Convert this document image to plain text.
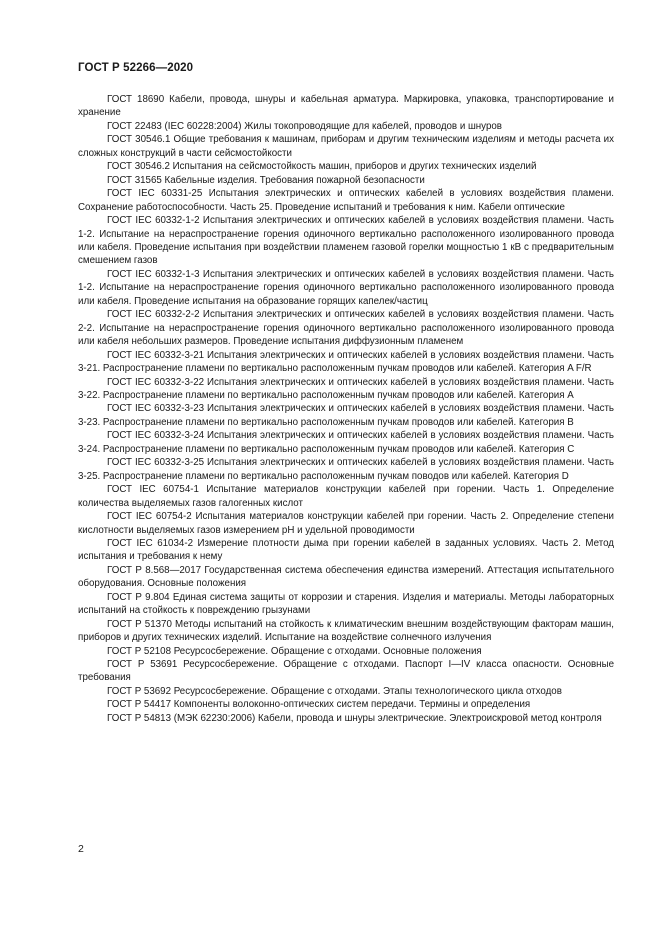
ГОСТ Р 52266—2020

ГОСТ 18690 Кабели, провода, шнуры и кабельная арматура. Маркировка, упаковка, транспортирование и хранение

ГОСТ 22483 (IEC 60228:2004) Жилы токопроводящие для кабелей, проводов и шнуров

ГОСТ 30546.1 Общие требования к машинам, приборам и другим техническим изделиям и методы расчета их сложных конструкций в части сейсмостойкости

ГОСТ 30546.2 Испытания на сейсмостойкость машин, приборов и других технических изделий

ГОСТ 31565 Кабельные изделия. Требования пожарной безопасности

ГОСТ IEC 60331-25 Испытания электрических и оптических кабелей в условиях воздействия пламени. Сохранение работоспособности. Часть 25. Проведение испытаний и требования к ним. Кабели оптические

ГОСТ IEC 60332-1-2 Испытания электрических и оптических кабелей в условиях воздействия пламени. Часть 1-2. Испытание на нераспространение горения одиночного вертикально расположенного изолированного провода или кабеля. Проведение испытания при воздействии пламенем газовой горелки мощностью 1 кВ с предварительным смешением газов

ГОСТ IEC 60332-1-3 Испытания электрических и оптических кабелей в условиях воздействия пламени. Часть 1-2. Испытание на нераспространение горения одиночного вертикально расположенного изолированного провода или кабеля. Проведение испытания на образование горящих капелек/частиц

ГОСТ IEC 60332-2-2 Испытания электрических и оптических кабелей в условиях воздействия пламени. Часть 2-2. Испытание на нераспространение горения одиночного вертикально расположенного изолированного провода или кабеля небольших размеров. Проведение испытания диффузионным пламенем

ГОСТ IEC 60332-3-21 Испытания электрических и оптических кабелей в условиях воздействия пламени. Часть 3-21. Распространение пламени по вертикально расположенным пучкам проводов или кабелей. Категория A F/R

ГОСТ IEC 60332-3-22 Испытания электрических и оптических кабелей в условиях воздействия пламени. Часть 3-22. Распространение пламени по вертикально расположенным пучкам проводов или кабелей. Категория А

ГОСТ IEC 60332-3-23 Испытания электрических и оптических кабелей в условиях воздействия пламени. Часть 3-23. Распространение пламени по вертикально расположенным пучкам проводов или кабелей. Категория В

ГОСТ IEC 60332-3-24 Испытания электрических и оптических кабелей в условиях воздействия пламени. Часть 3-24. Распространение пламени по вертикально расположенным пучкам проводов или кабелей. Категория С

ГОСТ IEC 60332-3-25 Испытания электрических и оптических кабелей в условиях воздействия пламени. Часть 3-25. Распространение пламени по вертикально расположенным пучкам поводов или кабелей. Категория D

ГОСТ IEC 60754-1 Испытание материалов конструкции кабелей при горении. Часть 1. Определение количества выделяемых газов галогенных кислот

ГОСТ IEC 60754-2 Испытания материалов конструкции кабелей при горении. Часть 2. Определение степени кислотности выделяемых газов измерением pH и удельной проводимости

ГОСТ IEC 61034-2 Измерение плотности дыма при горении кабелей в заданных условиях. Часть 2. Метод испытания и требования к нему

ГОСТ Р 8.568—2017 Государственная система обеспечения единства измерений. Аттестация испытательного оборудования. Основные положения

ГОСТ Р 9.804 Единая система защиты от коррозии и старения. Изделия и материалы. Методы лабораторных испытаний на стойкость к повреждению грызунами

ГОСТ Р 51370 Методы испытаний на стойкость к климатическим внешним воздействующим факторам машин, приборов и других технических изделий. Испытание на воздействие солнечного излучения

ГОСТ Р 52108 Ресурсосбережение. Обращение с отходами. Основные положения

ГОСТ Р 53691 Ресурсосбережение. Обращение с отходами. Паспорт I—IV класса опасности. Основные требования

ГОСТ Р 53692 Ресурсосбережение. Обращение с отходами. Этапы технологического цикла отходов

ГОСТ Р 54417 Компоненты волоконно-оптических систем передачи. Термины и определения

ГОСТ Р 54813 (МЭК 62230:2006) Кабели, провода и шнуры электрические. Электроискровой метод контроля

2
